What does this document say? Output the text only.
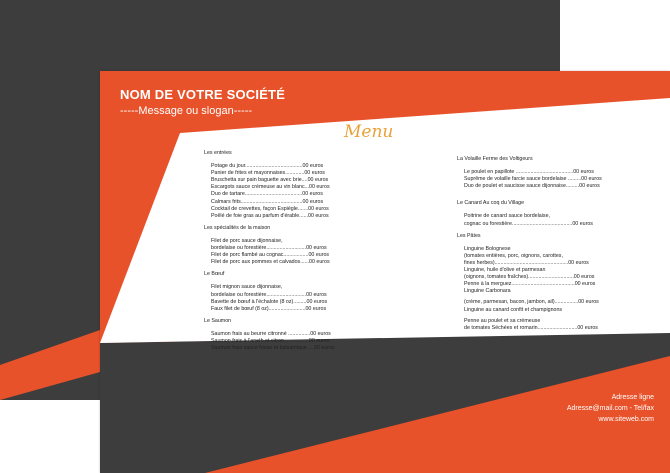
NOM DE VOTRE SOCIÉTÉ
-----Message ou slogan-----
Menu
Les entrées
Potage du jour.......................................00 euros
Panier de frites et mayonnaises.............00 euros
Bruschetta sur pain baguette avec brie....00 euros
Escargots sauce crémeuse au vin blanc...00 euros
Duo de tartare.......................................00 euros
Calmars frits..........................................00 euros
Cocktail de crevettes, façon Espiègle.......00 euros
Poêlé de foie gras au parfum d'érable......00 euros
Les spécialités de la maison
Filet de porc sauce dijonnaise,
bordelaise ou forestière...........................00 euros
Filet de porc flambé au cognac.................00 euros
Filet de porc aux pommes et calvados......00 euros
Le Bœuf
Filet mignon sauce dijonnaise,
bordelaise ou forestière...........................00 euros
Bavette de bœuf à l'échalote (8 oz).........00 euros
Faux filet de bœuf (8 oz).........................00 euros
Le Saumon
Saumon frais au beurre citronné ...............00 euros
Saumon frais à l'aneth et citron.................00 euros
Saumon frais sauce fraise et balsamique.....00 euros
La Volaille Ferme des Voltigeurs
Le poulet en papillote .......................................00 euros
Suprême de volaille farcie sauce bordelaise .........00 euros
Duo de poulet et saucisse sauce dijonnaise.........00 euros
Le Canard Au coq du Village
Poitrine de canard sauce bordelaise,
cognac ou forestière.........................................00 euros
Les Pâtes
Linguine Bolognese
(tomates entières, porc, oignons, carottes,
fines herbes)..................................................00 euros
Linguine, huile d'olive et parmesan
(oignons, tomates fraîches)...............................00 euros
Penne à la merguez...........................................00 euros
Linguine Carbonara
(crème, parmesan, bacon, jambon, ail)................00 euros
Linguine au canard confit et champignons
Penne au poulet et sa crémeuse
de tomates Séchées et romarin...........................00 euros
Adresse ligne
Adresse@mail.com - Tel/fax
www.siteweb.com
